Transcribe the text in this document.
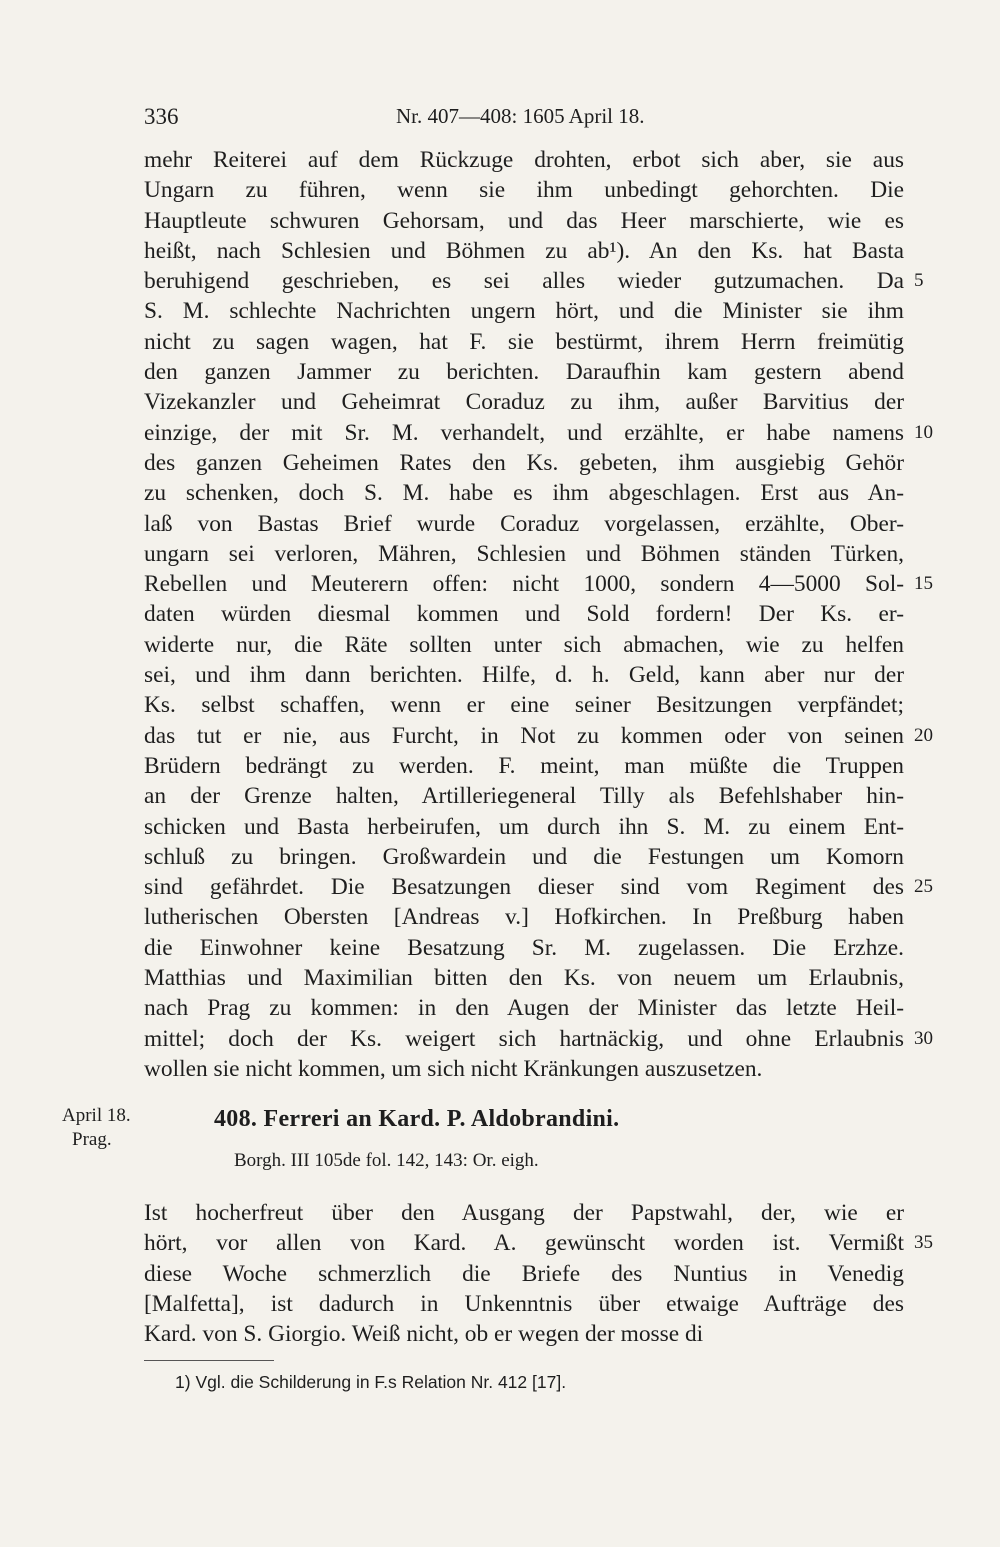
336	Nr. 407—408: 1605 April 18.
mehr Reiterei auf dem Rückzuge drohten, erbot sich aber, sie aus
Ungarn zu führen, wenn sie ihm unbedingt gehorchten. Die
Hauptleute schwuren Gehorsam, und das Heer marschierte, wie es
heißt, nach Schlesien und Böhmen zu ab¹). An den Ks. hat Basta
beruhigend geschrieben, es sei alles wieder gutzumachen. Da 5
S. M. schlechte Nachrichten ungern hört, und die Minister sie ihm
nicht zu sagen wagen, hat F. sie bestürmt, ihrem Herrn freimütig
den ganzen Jammer zu berichten. Daraufhin kam gestern abend
Vizekanzler und Geheimrat Coraduz zu ihm, außer Barvitius der
einzige, der mit Sr. M. verhandelt, und erzählte, er habe namens 10
des ganzen Geheimen Rates den Ks. gebeten, ihm ausgiebig Gehör
zu schenken, doch S. M. habe es ihm abgeschlagen. Erst aus An-
laß von Bastas Brief wurde Coraduz vorgelassen, erzählte, Ober-
ungarn sei verloren, Mähren, Schlesien und Böhmen ständen Türken,
Rebellen und Meuterern offen: nicht 1000, sondern 4—5000 Sol- 15
daten würden diesmal kommen und Sold fordern! Der Ks. er-
widerte nur, die Räte sollten unter sich abmachen, wie zu helfen
sei, und ihm dann berichten. Hilfe, d. h. Geld, kann aber nur der
Ks. selbst schaffen, wenn er eine seiner Besitzungen verpfändet;
das tut er nie, aus Furcht, in Not zu kommen oder von seinen 20
Brüdern bedrängt zu werden. F. meint, man müßte die Truppen
an der Grenze halten, Artilleriegeneral Tilly als Befehlshaber hin-
schicken und Basta herbeirufen, um durch ihn S. M. zu einem Ent-
schluß zu bringen. Großwardein und die Festungen um Komorn
sind gefährdet. Die Besatzungen dieser sind vom Regiment des 25
lutherischen Obersten [Andreas v.] Hofkirchen. In Preßburg haben
die Einwohner keine Besatzung Sr. M. zugelassen. Die Erzhze.
Matthias und Maximilian bitten den Ks. von neuem um Erlaubnis,
nach Prag zu kommen: in den Augen der Minister das letzte Heil-
mittel; doch der Ks. weigert sich hartnäckig, und ohne Erlaubnis 30
wollen sie nicht kommen, um sich nicht Kränkungen auszusetzen.
April 18.
Prag.
408. Ferreri an Kard. P. Aldobrandini.
Borgh. III 105de fol. 142, 143: Or. eigh.
Ist hocherfreut über den Ausgang der Papstwahl, der, wie er
hört, vor allen von Kard. A. gewünscht worden ist. Vermißt 35
diese Woche schmerzlich die Briefe des Nuntius in Venedig
[Malfetta], ist dadurch in Unkenntnis über etwaige Aufträge des
Kard. von S. Giorgio. Weiß nicht, ob er wegen der mosse di
1) Vgl. die Schilderung in F.s Relation Nr. 412 [17].
